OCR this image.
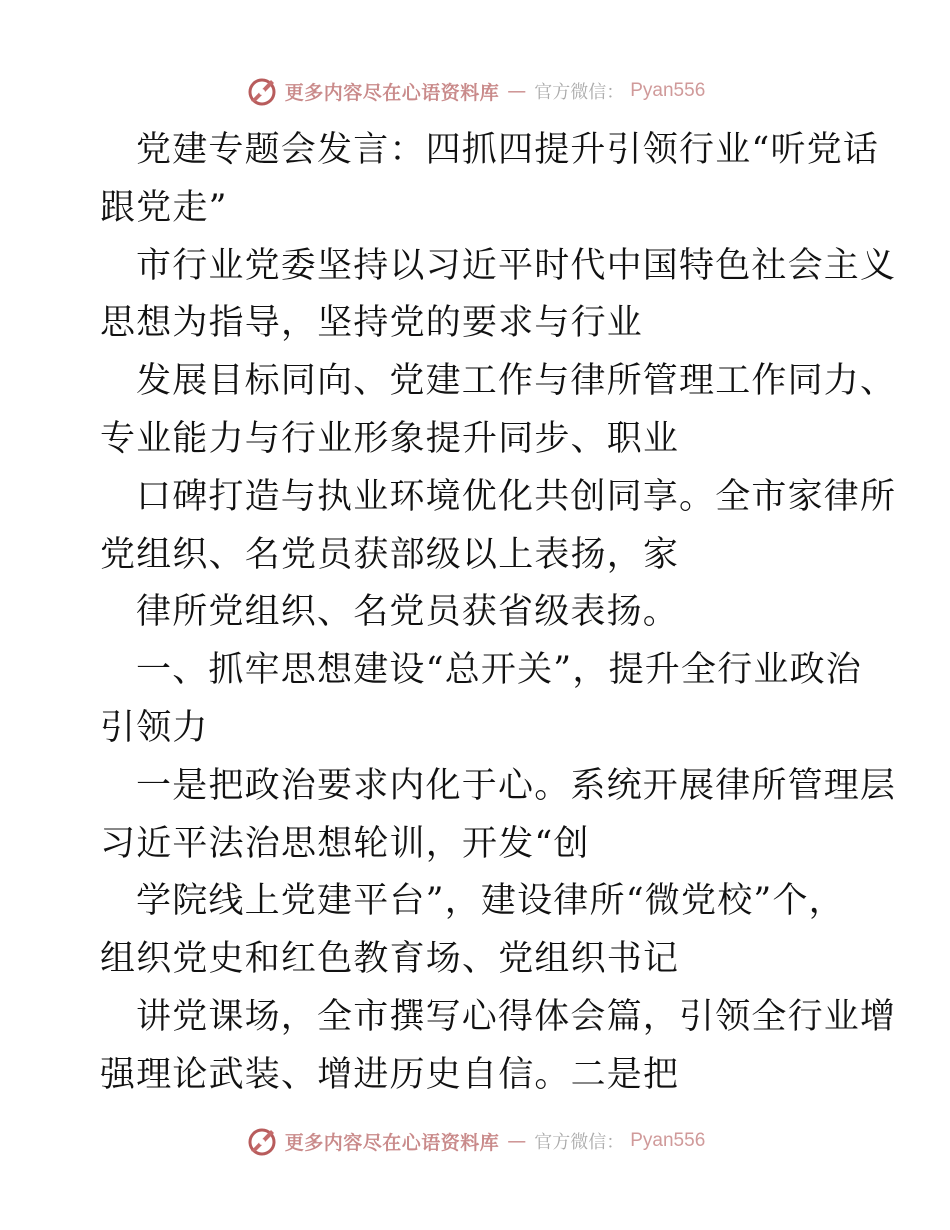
更多内容尽在心语资料库 — 官方微信： Pyan556
党建专题会发言：四抓四提升引领行业“听党话
跟党走”
市行业党委坚持以习近平时代中国特色社会主义
思想为指导，坚持党的要求与行业
发展目标同向、党建工作与律所管理工作同力、
专业能力与行业形象提升同步、职业
口碑打造与执业环境优化共创同享。全市家律所
党组织、名党员获部级以上表扬，家
律所党组织、名党员获省级表扬。
一、抓牢思想建设“总开关”，提升全行业政治
引领力
一是把政治要求内化于心。系统开展律所管理层
习近平法治思想轮训，开发“创
学院线上党建平台”，建设律所“微党校”个，
组织党史和红色教育场、党组织书记
讲党课场，全市撰写心得体会篇，引领全行业增
强理论武装、增进历史自信。二是把
更多内容尽在心语资料库 — 官方微信： Pyan556
